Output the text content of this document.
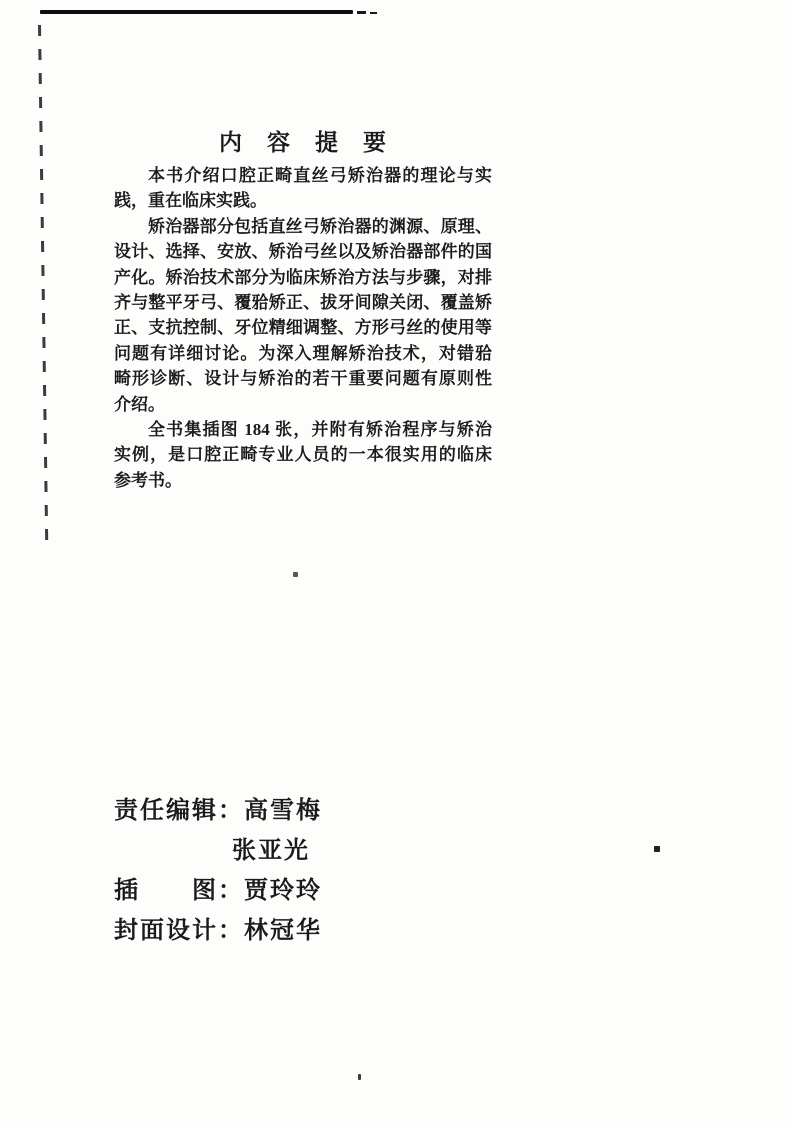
内　容　提　要
本书介绍口腔正畸直丝弓矫治器的理论与实
践，重在临床实践。
矫治器部分包括直丝弓矫治器的渊源、原理、
设计、选择、安放、矫治弓丝以及矫治器部件的国
产化。矫治技术部分为临床矫治方法与步骤，对排
齐与整平牙弓、覆𬌗矫正、拔牙间隙关闭、覆盖矫
正、支抗控制、牙位精细调整、方形弓丝的使用等
问题有详细讨论。为深入理解矫治技术，对错𬌗
畸形诊断、设计与矫治的若干重要问题有原则性
介绍。
全书集插图 184 张，并附有矫治程序与矫治
实例，是口腔正畸专业人员的一本很实用的临床
参考书。
责任编辑：高雪梅
张亚光
插　　图：贾玲玲
封面设计：林冠华
